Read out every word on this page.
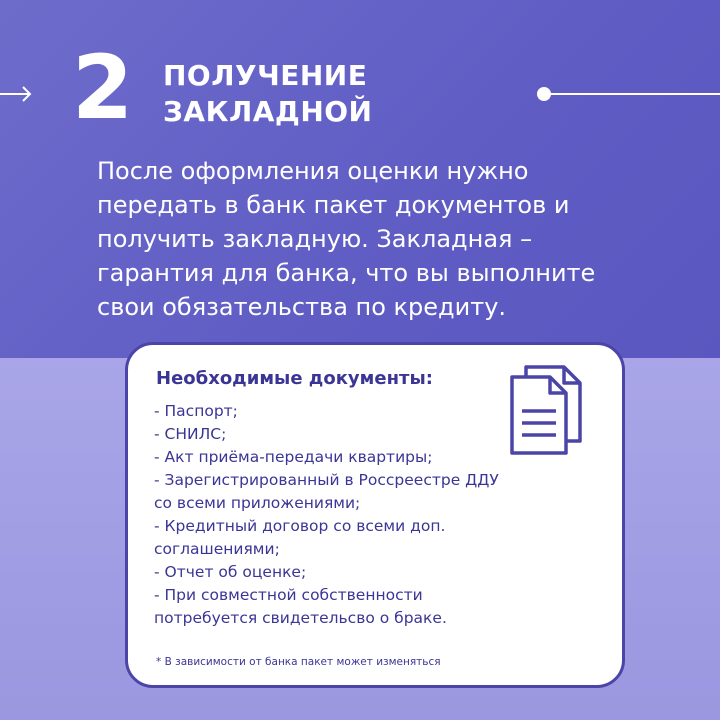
2	ПОЛУЧЕНИЕ
ЗАКЛАДНОЙ
После оформления оценки нужно
передать в банк пакет документов и
получить закладную. Закладная –
гарантия для банка, что вы выполните
свои обязательства по кредиту.
Необходимые документы:
- Паспорт;
- СНИЛС;
- Акт приёма-передачи квартиры;
- Зарегистрированный в Россреестре ДДУ
со всеми приложениями;
- Кредитный договор со всеми доп.
соглашениями;
- Отчет об оценке;
- При совместной собственности
потребуется свидетельсво о браке.
* В зависимости от банка пакет может изменяться
